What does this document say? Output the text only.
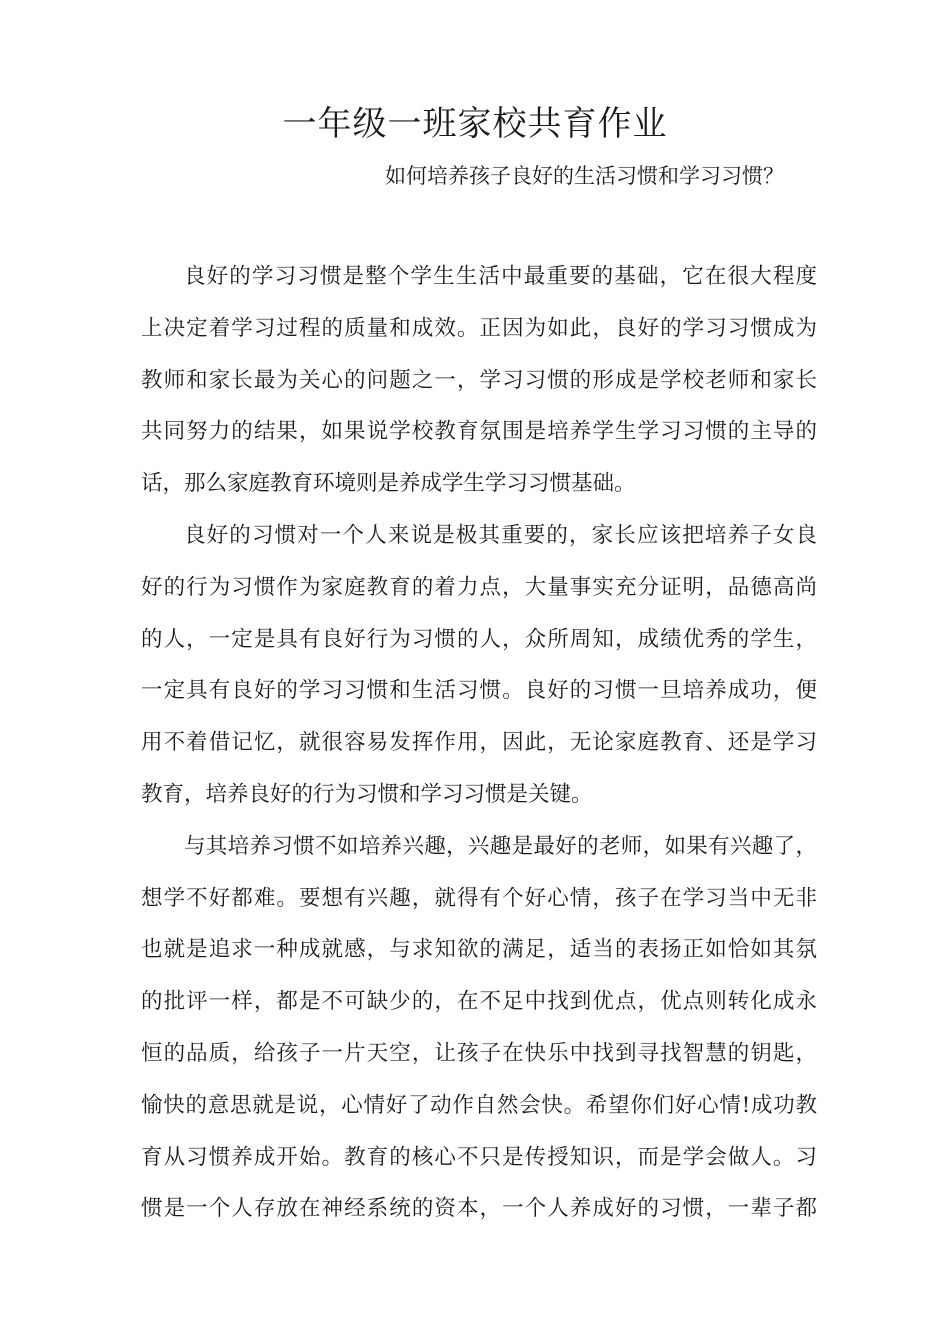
一年级一班家校共育作业

如何培养孩子良好的生活习惯和学习习惯？

良好的学习习惯是整个学生生活中最重要的基础，它在很大程度
上决定着学习过程的质量和成效。正因为如此，良好的学习习惯成为
教师和家长最为关心的问题之一，学习习惯的形成是学校老师和家长
共同努力的结果，如果说学校教育氛围是培养学生学习习惯的主导的
话，那么家庭教育环境则是养成学生学习习惯基础。

良好的习惯对一个人来说是极其重要的，家长应该把培养子女良
好的行为习惯作为家庭教育的着力点，大量事实充分证明，品德高尚
的人，一定是具有良好行为习惯的人，众所周知，成绩优秀的学生，
一定具有良好的学习习惯和生活习惯。良好的习惯一旦培养成功，便
用不着借记忆，就很容易发挥作用，因此，无论家庭教育、还是学习
教育，培养良好的行为习惯和学习习惯是关键。

与其培养习惯不如培养兴趣，兴趣是最好的老师，如果有兴趣了，
想学不好都难。要想有兴趣，就得有个好心情，孩子在学习当中无非
也就是追求一种成就感，与求知欲的满足，适当的表扬正如恰如其氛
的批评一样，都是不可缺少的，在不足中找到优点，优点则转化成永
恒的品质，给孩子一片天空，让孩子在快乐中找到寻找智慧的钥匙，
愉快的意思就是说，心情好了动作自然会快。希望你们好心情!成功教
育从习惯养成开始。教育的核心不只是传授知识，而是学会做人。习
惯是一个人存放在神经系统的资本，一个人养成好的习惯，一辈子都
